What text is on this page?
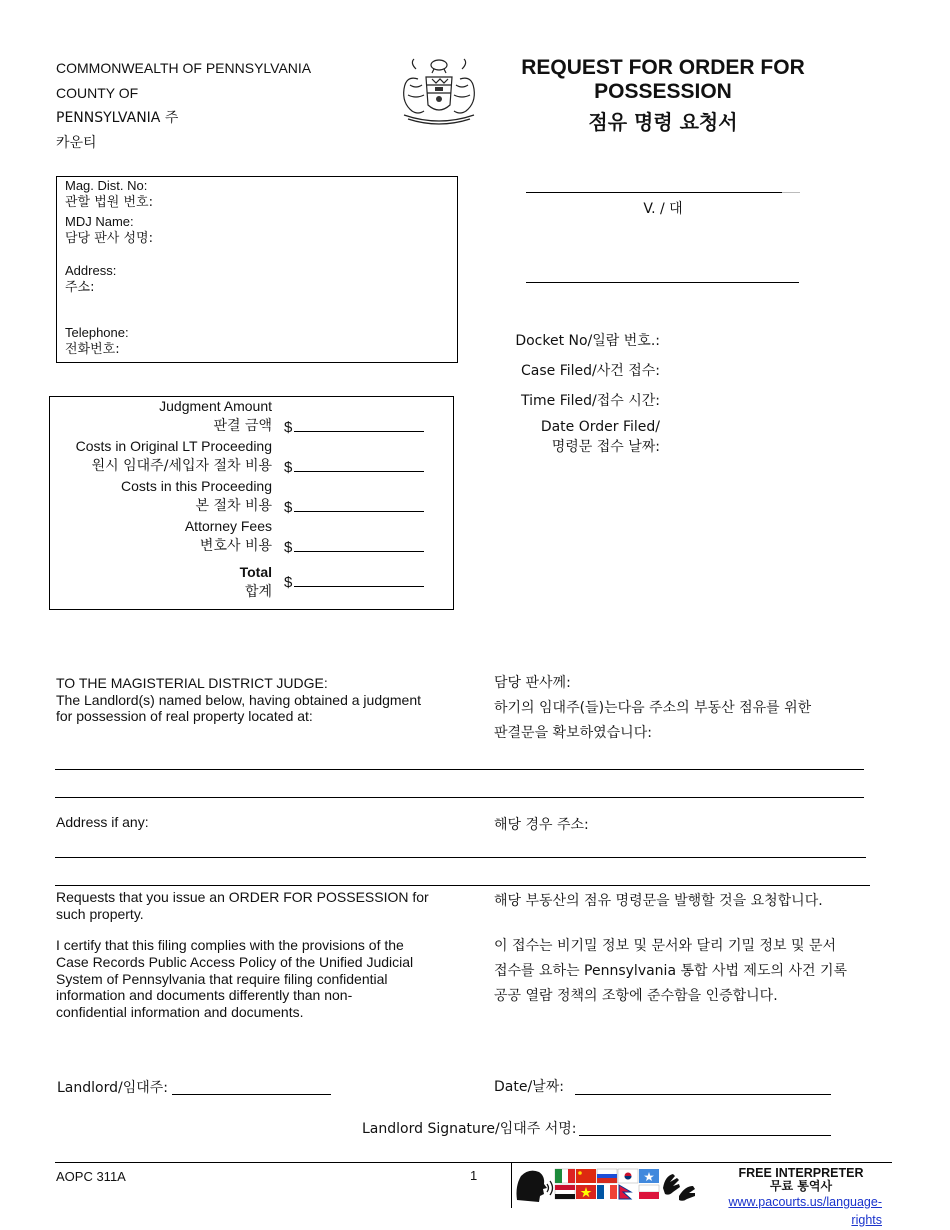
COMMONWEALTH OF PENNSYLVANIA
COUNTY OF
PENNSYLVANIA 주
카운티
REQUEST FOR ORDER FOR
POSSESSION
점유 명령 요청서
Mag. Dist. No:
관할 법원 번호:
MDJ Name:
담당 판사 성명:
Address:
주소:
Telephone:
전화번호:
V. / 대
Docket No/일람 번호.:
Case Filed/사건 접수:
Time Filed/접수 시간:
Date Order Filed/
명령문 접수 날짜:
Judgment Amount
판결 금액 $
Costs in Original LT Proceeding
원시 임대주/세입자 절차 비용 $
Costs in this Proceeding
본 절차 비용 $
Attorney Fees
변호사 비용 $
Total
합계
$
TO THE MAGISTERIAL DISTRICT JUDGE:
The Landlord(s) named below, having obtained a judgment
for possession of real property located at:
담당 판사께:
하기의 임대주(들)는다음 주소의 부동산 점유를 위한
판결문을 확보하였습니다:
Address if any:	해당 경우 주소:
Requests that you issue an ORDER FOR POSSESSION for
such property.
해당 부동산의 점유 명령문을 발행할 것을 요청합니다.
I certify that this filing complies with the provisions of the
Case Records Public Access Policy of the Unified Judicial
System of Pennsylvania that require filing confidential
information and documents differently than non-
confidential information and documents.
이 접수는 비기밀 정보 및 문서와 달리 기밀 정보 및 문서
접수를 요하는 Pennsylvania 통합 사법 제도의 사건 기록
공공 열람 정책의 조항에 준수함을 인증합니다.
Landlord/임대주:	Date/날짜:
Landlord Signature/임대주 서명:
AOPC 311A	1	FREE INTERPRETER
무료 통역사
www.pacourts.us/language-rights
